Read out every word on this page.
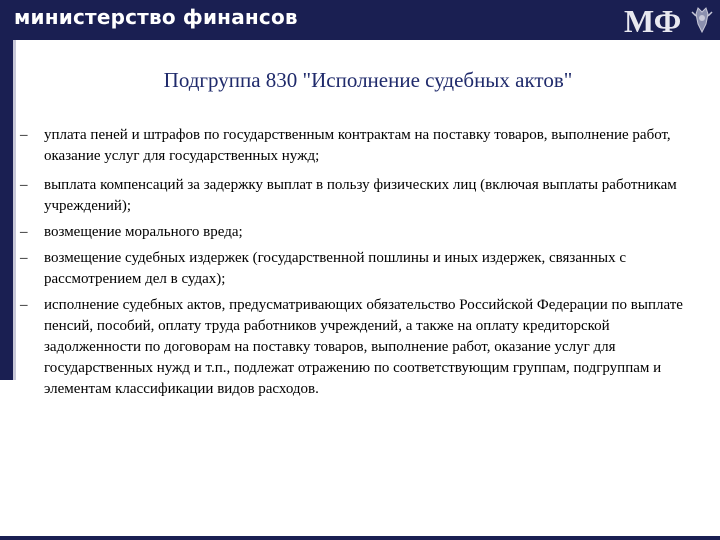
министерство финансов	МФ
Подгруппа 830 "Исполнение судебных актов"
–	уплата пеней и штрафов по государственным контрактам на поставку товаров, выполнение работ, оказание услуг для государственных нужд;
–	выплата компенсаций за задержку выплат в пользу физических лиц (включая выплаты работникам учреждений);
–	возмещение морального вреда;
–	возмещение судебных издержек (государственной пошлины и иных издержек, связанных с рассмотрением дел в судах);
–	исполнение судебных актов, предусматривающих обязательство Российской Федерации по выплате пенсий, пособий, оплату труда работников учреждений, а также на оплату кредиторской задолженности по договорам на поставку товаров, выполнение работ, оказание услуг для государственных нужд и т.п., подлежат отражению по соответствующим группам, подгруппам и элементам классификации видов расходов.
